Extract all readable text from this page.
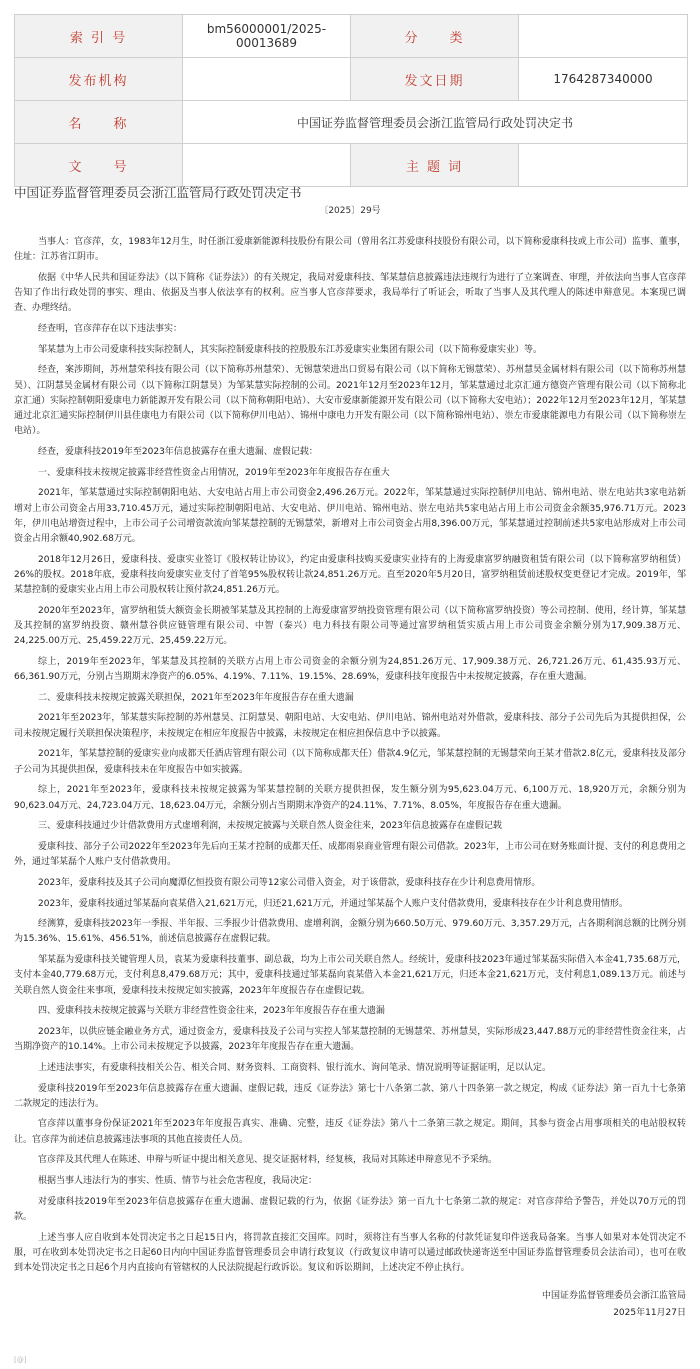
索 引 号	bm56000001/2025-00013689	分　　类	
发布机构		发文日期	1764287340000
名　　称	中国证券监督管理委员会浙江监管局行政处罚决定书		
文　　号		主 题 词	
中国证券监督管理委员会浙江监管局行政处罚决定书
〔2025〕29号

当事人：官彦萍，女，1983年12月生，时任浙江爱康新能源科技股份有限公司（曾用名江苏爱康科技股份有限公司，以下简称爱康科技或上市公司）监事、董事，住址：江苏省江阴市。

依据《中华人民共和国证券法》（以下简称《证券法》）的有关规定，我局对爱康科技、邹某慧信息披露违法违规行为进行了立案调查、审理，并依法向当事人官彦萍告知了作出行政处罚的事实、理由、依据及当事人依法享有的权利。应当事人官彦萍要求，我局举行了听证会，听取了当事人及其代理人的陈述申辩意见。本案现已调查、办理终结。

经查明，官彦萍存在以下违法事实：

邹某慧为上市公司爱康科技实际控制人，其实际控制爱康科技的控股股东江苏爱康实业集团有限公司（以下简称爱康实业）等。

经查，案涉期间，苏州慧荣科技有限公司（以下简称苏州慧荣）、无锡慧荣进出口贸易有限公司（以下简称无锡慧荣）、苏州慧昊金属材料有限公司（以下简称苏州慧昊）、江阴慧昊金属材有限公司（以下简称江阴慧昊）为邹某慧实际控制的公司。2021年12月至2023年12月，邹某慧通过北京汇通方德资产管理有限公司（以下简称北京汇通）实际控制朝阳爱康电力新能源开发有限公司（以下简称朝阳电站）、大安市爱康新能源开发有限公司（以下简称大安电站）；2022年12月至2023年12月，邹某慧通过北京汇通实际控制伊川县佳康电力有限公司（以下简称伊川电站）、锦州中康电力开发有限公司（以下简称锦州电站）、崇左市爱康能源电力有限公司（以下简称崇左电站）。

经查，爱康科技2019年至2023年信息披露存在重大遗漏、虚假记载：

一、爱康科技未按规定披露非经营性资金占用情况，2019年至2023年年度报告存在重大

2021年，邹某慧通过实际控制朝阳电站、大安电站占用上市公司资金2,496.26万元。2022年，邹某慧通过实际控制伊川电站、锦州电站、崇左电站共3家电站新增对上市公司资金占用33,710.45万元，通过实际控制朝阳电站、大安电站、伊川电站、锦州电站、崇左电站共5家电站占用上市公司资金余额35,976.71万元。2023年，伊川电站增资过程中，上市公司子公司增资款流向邹某慧控制的无锡慧荣，新增对上市公司资金占用8,396.00万元，邹某慧通过控制前述共5家电站形成对上市公司资金占用余额40,902.68万元。

2018年12月26日，爱康科技、爱康实业签订《股权转让协议》，约定由爱康科技购买爱康实业持有的上海爱康富罗纳融资租赁有限公司（以下简称富罗纳租赁）26%的股权。2018年底，爱康科技向爱康实业支付了首笔95%股权转让款24,851.26万元。直至2020年5月20日，富罗纳租赁前述股权变更登记才完成。2019年，邹某慧控制的爱康实业占用上市公司股权转让预付款24,851.26万元。

2020年至2023年，富罗纳租赁大额资金长期被邹某慧及其控制的上海爱康富罗纳投资管理有限公司（以下简称富罗纳投资）等公司控制、使用，经计算，邹某慧及其控制的富罗纳投资、赣州慧谷供应链管理有限公司、中智（泰兴）电力科技有限公司等通过富罗纳租赁实质占用上市公司资金余额分别为17,909.38万元、24,225.00万元、25,459.22万元、25,459.22万元。

综上，2019年至2023年，邹某慧及其控制的关联方占用上市公司资金的余额分别为24,851.26万元、17,909.38万元、26,721.26万元、61,435.93万元、66,361.90万元，分别占当期期末净资产的6.05%、4.19%、7.11%、19.15%、28.69%，爱康科技年度报告中未按规定披露，存在重大遗漏。

二、爱康科技未按规定披露关联担保，2021年至2023年年度报告存在重大遗漏

2021年至2023年，邹某慧实际控制的苏州慧昊、江阴慧昊、朝阳电站、大安电站、伊川电站、锦州电站对外借款，爱康科技、部分子公司先后为其提供担保，公司未按规定履行关联担保决策程序，未按规定在相应年度报告中披露，未按规定在相应担保信息中予以披露。

2021年，邹某慧控制的爱康实业向成都天任酒店管理有限公司（以下简称成都天任）借款4.9亿元，邹某慧控制的无锡慧荣向王某才借款2.8亿元，爱康科技及部分子公司为其提供担保，爱康科技未在年度报告中如实披露。

综上，2021年至2023年，爱康科技未按规定披露为邹某慧控制的关联方提供担保，发生额分别为95,623.04万元、6,100万元、18,920万元，余额分别为90,623.04万元、24,723.04万元、18,623.04万元，余额分别占当期期末净资产的24.11%、7.71%、8.05%，年度报告存在重大遗漏。

三、爱康科技通过少计借款费用方式虚增利润，未按规定披露与关联自然人资金往来，2023年信息披露存在虚假记载

爱康科技、部分子公司2022年至2023年先后向王某才控制的成都天任、成都雨泉商业管理有限公司借款。2023年，上市公司在财务账面计提、支付的利息费用之外，通过邹某磊个人账户支付借款费用。

2023年，爱康科技及其子公司向魔潭亿恒投资有限公司等12家公司借入资金，对于该借款，爱康科技存在少计利息费用情形。

2023年，爱康科技通过邹某磊向袁某借入21,621万元，归还21,621万元，并通过邹某磊个人账户支付借款费用，爱康科技存在少计利息费用情形。

经测算，爱康科技2023年一季报、半年报、三季报少计借款费用、虚增利润，金额分别为660.50万元、979.60万元、3,357.29万元，占各期利润总额的比例分别为15.36%、15.61%、456.51%，前述信息披露存在虚假记载。

邹某磊为爱康科技关键管理人员，袁某为爱康科技董事、副总裁，均为上市公司关联自然人。经统计，爱康科技2023年通过邹某磊实际借入本金41,735.68万元，支付本金40,779.68万元，支付利息8,479.68万元；其中，爱康科技通过邹某磊向袁某借入本金21,621万元，归还本金21,621万元，支付利息1,089.13万元。前述与关联自然人资金往来事项，爱康科技未按规定如实披露，2023年年度报告存在虚假记载。

四、爱康科技未按规定披露与关联方非经营性资金往来，2023年年度报告存在重大遗漏

2023年，以供应链金融业务方式，通过资金方，爱康科技及子公司与实控人邹某慧控制的无锡慧荣、苏州慧昊，实际形成23,447.88万元的非经营性资金往来，占当期净资产的10.14%。上市公司未按规定予以披露，2023年年度报告存在重大遗漏。

上述违法事实，有爱康科技相关公告、相关合同、财务资料、工商资料、银行流水、询问笔录、情况说明等证据证明，足以认定。

爱康科技2019年至2023年信息披露存在重大遗漏、虚假记载，违反《证券法》第七十八条第二款、第八十四条第一款之规定，构成《证券法》第一百九十七条第二款规定的违法行为。

官彦萍以董事身份保证2021年至2023年年度报告真实、准确、完整，违反《证券法》第八十二条第三款之规定。期间，其参与资金占用事项相关的电站股权转让。官彦萍为前述信息披露违法事项的其他直接责任人员。

官彦萍及其代理人在陈述、申辩与听证中提出相关意见、提交证据材料，经复核，我局对其陈述申辩意见不予采纳。

根据当事人违法行为的事实、性质、情节与社会危害程度，我局决定：

对爱康科技2019年至2023年信息披露存在重大遗漏、虚假记载的行为，依据《证券法》第一百九十七条第二款的规定：对官彦萍给予警告，并处以70万元的罚款。

上述当事人应自收到本处罚决定书之日起15日内，将罚款直接汇交国库。同时，须将注有当事人名称的付款凭证复印件送我局备案。当事人如果对本处罚决定不服，可在收到本处罚决定书之日起60日内向中国证券监督管理委员会申请行政复议（行政复议申请可以通过邮政快递寄送至中国证券监督管理委员会法治司），也可在收到本处罚决定书之日起6个月内直接向有管辖权的人民法院提起行政诉讼。复议和诉讼期间，上述决定不停止执行。

中国证券监督管理委员会浙江监管局
2025年11月27日
[@]
